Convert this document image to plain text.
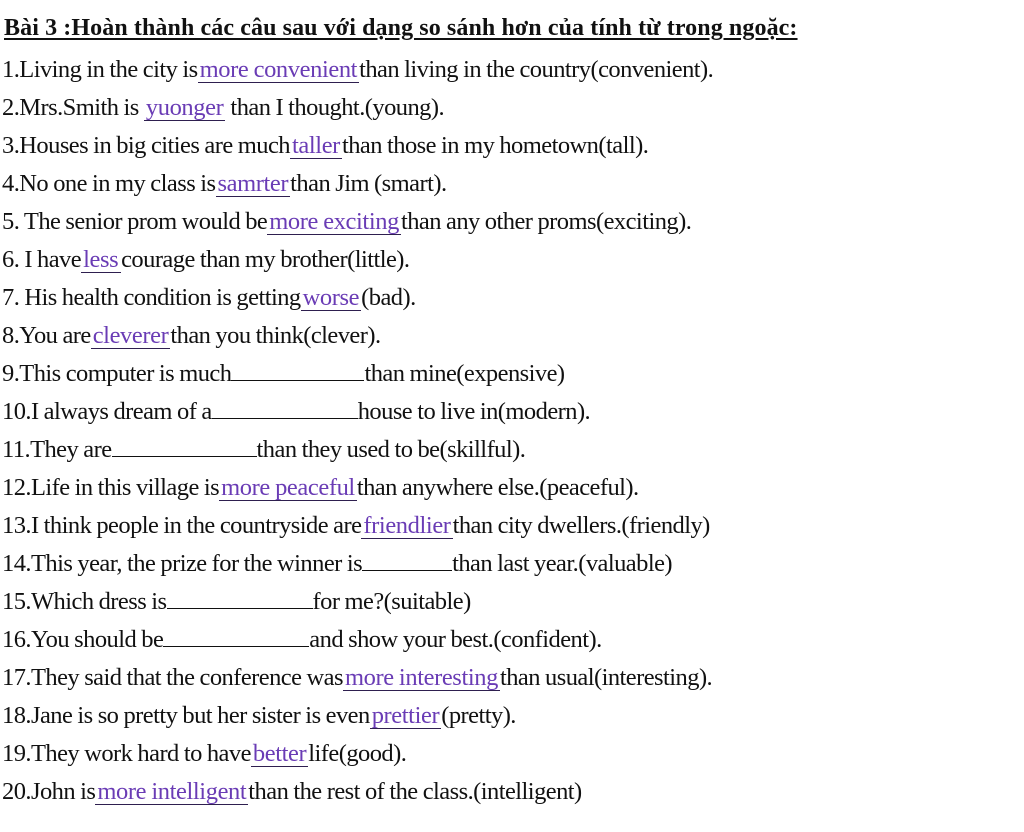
Bài 3 :Hoàn thành các câu sau với dạng so sánh hơn của tính từ trong ngoặc:
1.Living in the city ismore convenientthan living in the country(convenient).
2.Mrs.Smith is yuonger than I thought.(young).
3.Houses in big cities are muchtallerthan those in my hometown(tall).
4.No one in my class issamrterthan Jim (smart).
5. The senior prom would bemore excitingthan any other proms(exciting).
6. I haveless courage than my brother(little).
7. His health condition is gettingworse(bad).
8.You areclevererthan you think(clever).
9.This computer is much	than mine(expensive)
10.I always dream of a	house to live in(modern).
11.They are	than they used to be(skillful).
12.Life in this village ismore peacefulthan anywhere else.(peaceful).
13.I think people in the countryside arefriendlierthan city dwellers.(friendly)
14.This year, the prize for the winner is	than last year.(valuable)
15.Which dress is	for me?(suitable)
16.You should be	and show your best.(confident).
17.They said that the conference wasmore interestingthan usual(interesting).
18.Jane is so pretty but her sister is evenprettier(pretty).
19.They work hard to havebetterlife(good).
20.John ismore intelligentthan the rest of the class.(intelligent)
